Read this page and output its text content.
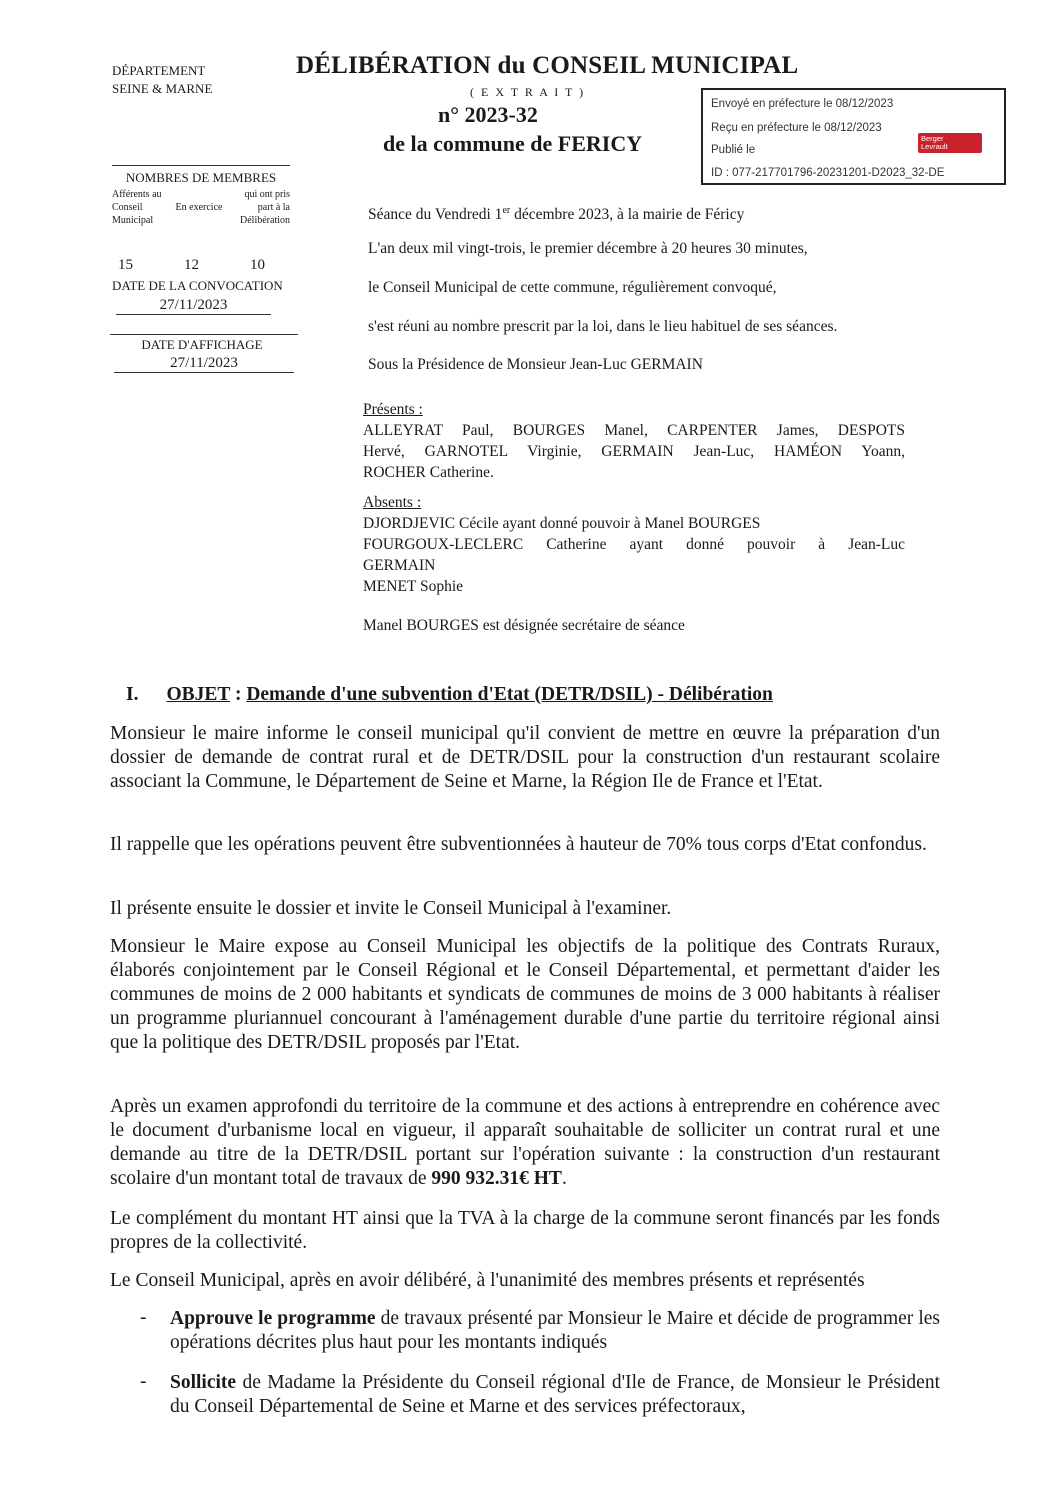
DÉPARTEMENT
SEINE & MARNE
DÉLIBÉRATION du CONSEIL MUNICIPAL
( E X T R A I T )
n° 2023-32
de la commune de FERICY
Envoyé en préfecture le 08/12/2023
Reçu en préfecture le 08/12/2023
Publié le
ID : 077-217701796-20231201-D2023_32-DE
Berger
Levrault
NOMBRES DE MEMBRES
Afférents au Conseil Municipal
En exercice
qui ont pris part à la Délibération
15	12	10
DATE DE LA CONVOCATION
27/11/2023
DATE D'AFFICHAGE
27/11/2023
Séance du Vendredi 1er décembre 2023, à la mairie de Féricy
L'an deux mil vingt-trois, le premier décembre à 20 heures 30 minutes,
le Conseil Municipal de cette commune, régulièrement convoqué,
s'est réuni au nombre prescrit par la loi, dans le lieu habituel de ses séances.
Sous la Présidence de Monsieur Jean-Luc GERMAIN
Présents :
ALLEYRAT Paul, BOURGES Manel, CARPENTER James, DESPOTS
Hervé, GARNOTEL Virginie, GERMAIN Jean-Luc, HAMÉON Yoann,
ROCHER Catherine.
Absents :
DJORDJEVIC Cécile ayant donné pouvoir à Manel BOURGES
FOURGOUX-LECLERC Catherine ayant donné pouvoir à Jean-Luc
GERMAIN
MENET Sophie
Manel BOURGES est désignée secrétaire de séance
I. OBJET : Demande d'une subvention d'Etat (DETR/DSIL) - Délibération
Monsieur le maire informe le conseil municipal qu'il convient de mettre en œuvre la préparation d'un dossier de demande de contrat rural et de DETR/DSIL pour la construction d'un restaurant scolaire associant la Commune, le Département de Seine et Marne, la Région Ile de France et l'Etat.
Il rappelle que les opérations peuvent être subventionnées à hauteur de 70% tous corps d'Etat confondus.
Il présente ensuite le dossier et invite le Conseil Municipal à l'examiner.
Monsieur le Maire expose au Conseil Municipal les objectifs de la politique des Contrats Ruraux, élaborés conjointement par le Conseil Régional et le Conseil Départemental, et permettant d'aider les communes de moins de 2 000 habitants et syndicats de communes de moins de 3 000 habitants à réaliser un programme pluriannuel concourant à l'aménagement durable d'une partie du territoire régional ainsi que la politique des DETR/DSIL proposés par l'Etat.
Après un examen approfondi du territoire de la commune et des actions à entreprendre en cohérence avec le document d'urbanisme local en vigueur, il apparaît souhaitable de solliciter un contrat rural et une demande au titre de la DETR/DSIL portant sur l'opération suivante : la construction d'un restaurant scolaire d'un montant total de travaux de 990 932.31€ HT.
Le complément du montant HT ainsi que la TVA à la charge de la commune seront financés par les fonds propres de la collectivité.
Le Conseil Municipal, après en avoir délibéré, à l'unanimité des membres présents et représentés
- Approuve le programme de travaux présenté par Monsieur le Maire et décide de programmer les opérations décrites plus haut pour les montants indiqués
- Sollicite de Madame la Présidente du Conseil régional d'Ile de France, de Monsieur le Président du Conseil Départemental de Seine et Marne et des services préfectoraux,
